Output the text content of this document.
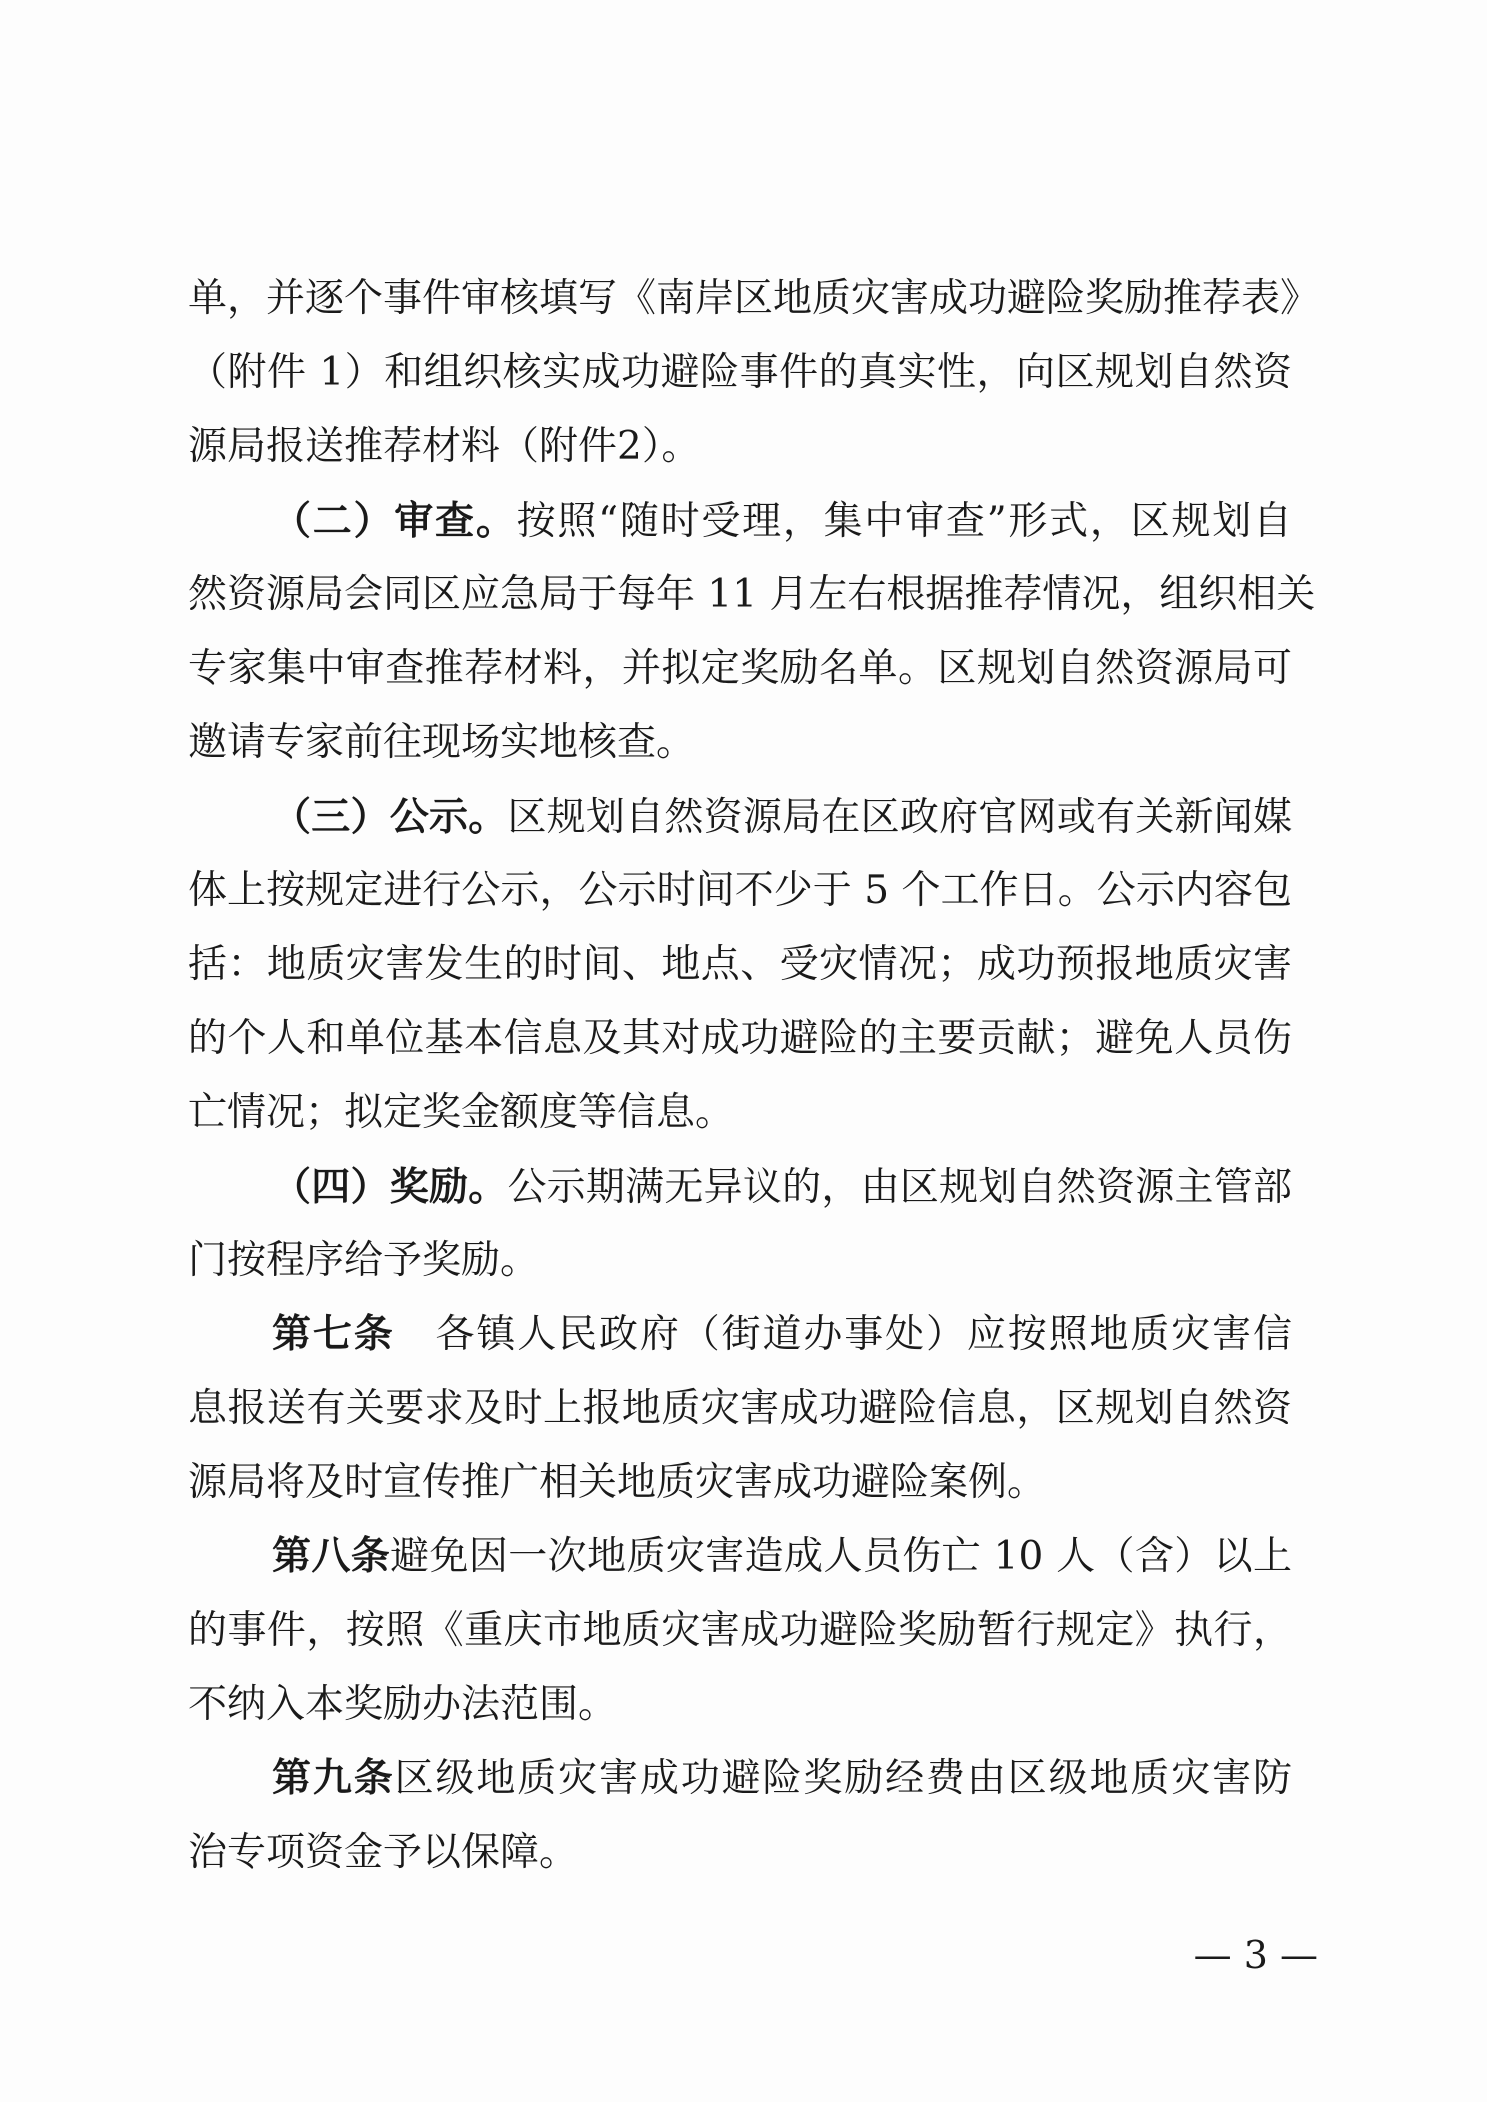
单，并逐个事件审核填写《南岸区地质灾害成功避险奖励推荐表》
（附件 1）和组织核实成功避险事件的真实性，向区规划自然资
源局报送推荐材料（附件2）。
（二）审查。按照“随时受理，集中审查”形式，区规划自
然资源局会同区应急局于每年 11 月左右根据推荐情况，组织相关
专家集中审查推荐材料，并拟定奖励名单。区规划自然资源局可
邀请专家前往现场实地核查。
（三）公示。区规划自然资源局在区政府官网或有关新闻媒
体上按规定进行公示，公示时间不少于 5 个工作日。公示内容包
括：地质灾害发生的时间、地点、受灾情况；成功预报地质灾害
的个人和单位基本信息及其对成功避险的主要贡献；避免人员伤
亡情况；拟定奖金额度等信息。
（四）奖励。公示期满无异议的，由区规划自然资源主管部
门按程序给予奖励。
第七条　各镇人民政府（街道办事处）应按照地质灾害信
息报送有关要求及时上报地质灾害成功避险信息，区规划自然资
源局将及时宣传推广相关地质灾害成功避险案例。
第八条避免因一次地质灾害造成人员伤亡 10 人（含）以上
的事件，按照《重庆市地质灾害成功避险奖励暂行规定》执行，
不纳入本奖励办法范围。
第九条区级地质灾害成功避险奖励经费由区级地质灾害防
治专项资金予以保障。
— 3 —
